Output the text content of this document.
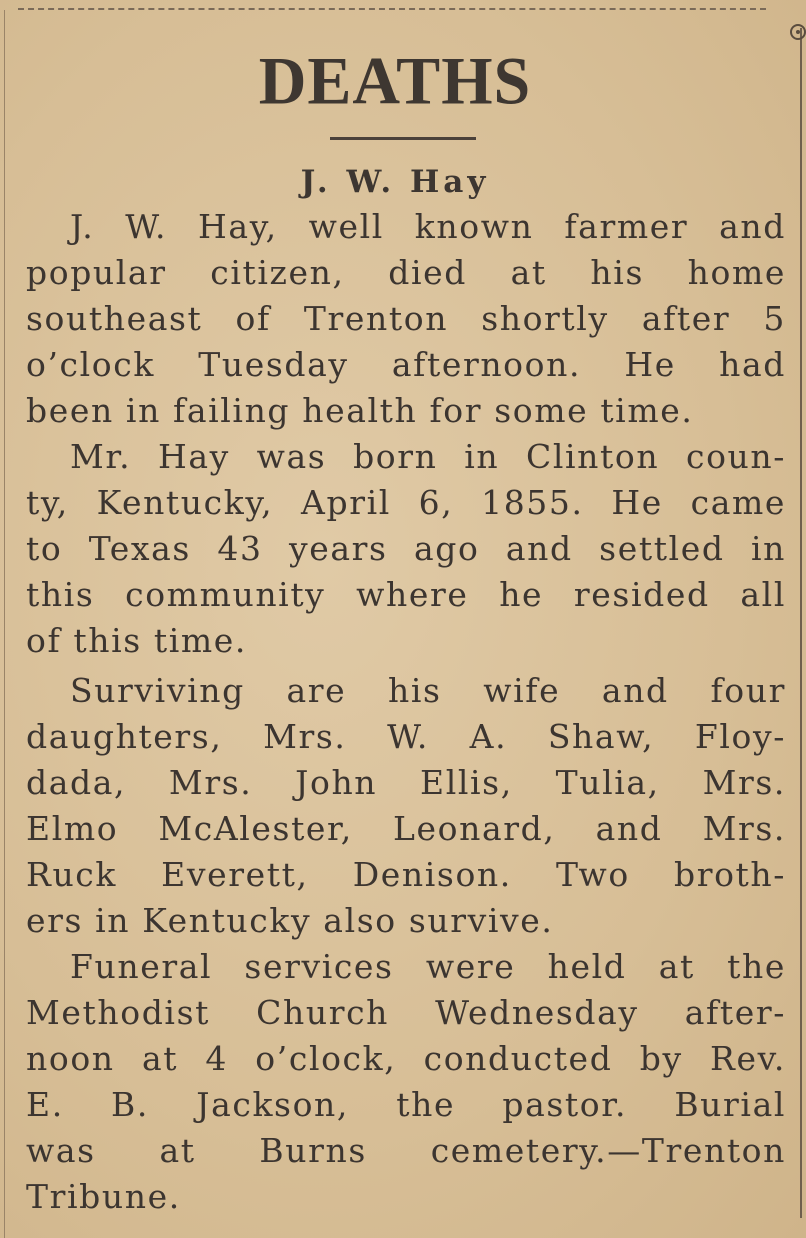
DEATHS
J. W. Hay
J. W. Hay, well known farmer and
popular citizen, died at his home
southeast of Trenton shortly after 5
o’clock Tuesday afternoon. He had
been in failing health for some time.
Mr. Hay was born in Clinton coun-
ty, Kentucky, April 6, 1855. He came
to Texas 43 years ago and settled in
this community where he resided all
of this time.
Surviving are his wife and four
daughters, Mrs. W. A. Shaw, Floy-
dada, Mrs. John Ellis, Tulia, Mrs.
Elmo McAlester, Leonard, and Mrs.
Ruck Everett, Denison. Two broth-
ers in Kentucky also survive.
Funeral services were held at the
Methodist Church Wednesday after-
noon at 4 o’clock, conducted by Rev.
E. B. Jackson, the pastor. Burial
was at Burns cemetery.—Trenton
Tribune.
